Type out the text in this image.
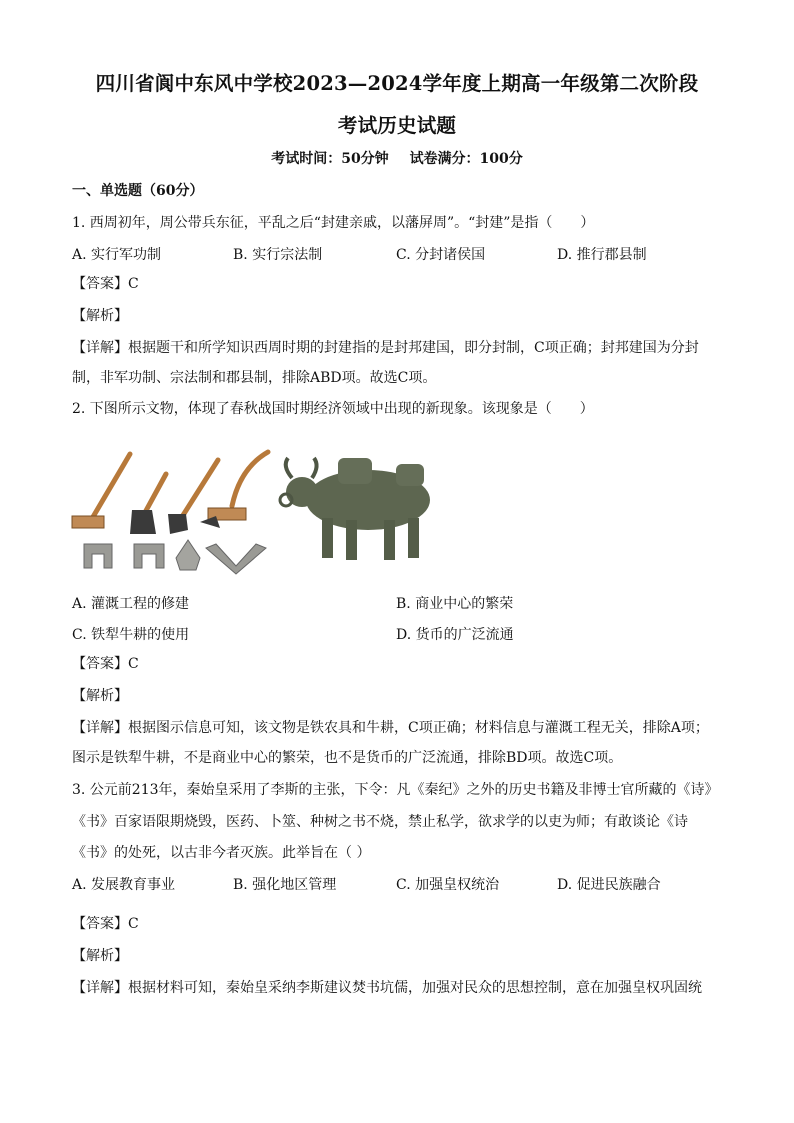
四川省阆中东风中学校2023—2024学年度上期高一年级第二次阶段
考试历史试题
考试时间：50分钟 试卷满分：100分
一、单选题（60分）
1. 西周初年，周公带兵东征，平乱之后“封建亲戚，以藩屏周”。“封建”是指（　　）
A. 实行军功制	B. 实行宗法制	C. 分封诸侯国	D. 推行郡县制
【答案】C
【解析】
【详解】根据题干和所学知识西周时期的封建指的是封邦建国，即分封制，C项正确；封邦建国为分封
制，非军功制、宗法制和郡县制，排除ABD项。故选C项。
2. 下图所示文物，体现了春秋战国时期经济领域中出现的新现象。该现象是（　　）
A. 灌溉工程的修建	B. 商业中心的繁荣
C. 铁犁牛耕的使用	D. 货币的广泛流通
【答案】C
【解析】
【详解】根据图示信息可知，该文物是铁农具和牛耕，C项正确；材料信息与灌溉工程无关，排除A项；
图示是铁犁牛耕，不是商业中心的繁荣，也不是货币的广泛流通，排除BD项。故选C项。
3. 公元前213年，秦始皇采用了李斯的主张，下令：凡《秦纪》之外的历史书籍及非博士官所藏的《诗》
《书》百家语限期烧毁，医药、卜筮、种树之书不烧，禁止私学，欲求学的以吏为师；有敢谈论《诗
《书》的处死，以古非今者灭族。此举旨在（ ）
A. 发展教育事业	B. 强化地区管理	C. 加强皇权统治	D. 促进民族融合
【答案】C
【解析】
【详解】根据材料可知，秦始皇采纳李斯建议焚书坑儒，加强对民众的思想控制，意在加强皇权巩固统
